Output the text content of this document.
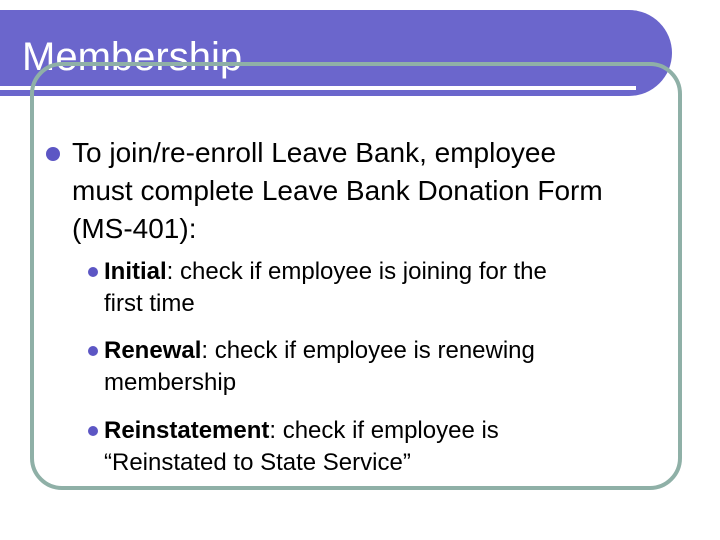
Membership
To join/re-enroll Leave Bank, employee
must complete Leave Bank Donation Form
(MS-401):
Initial: check if employee is joining for the
first time
Renewal: check if employee is renewing
membership
Reinstatement: check if employee is
“Reinstated to State Service”
